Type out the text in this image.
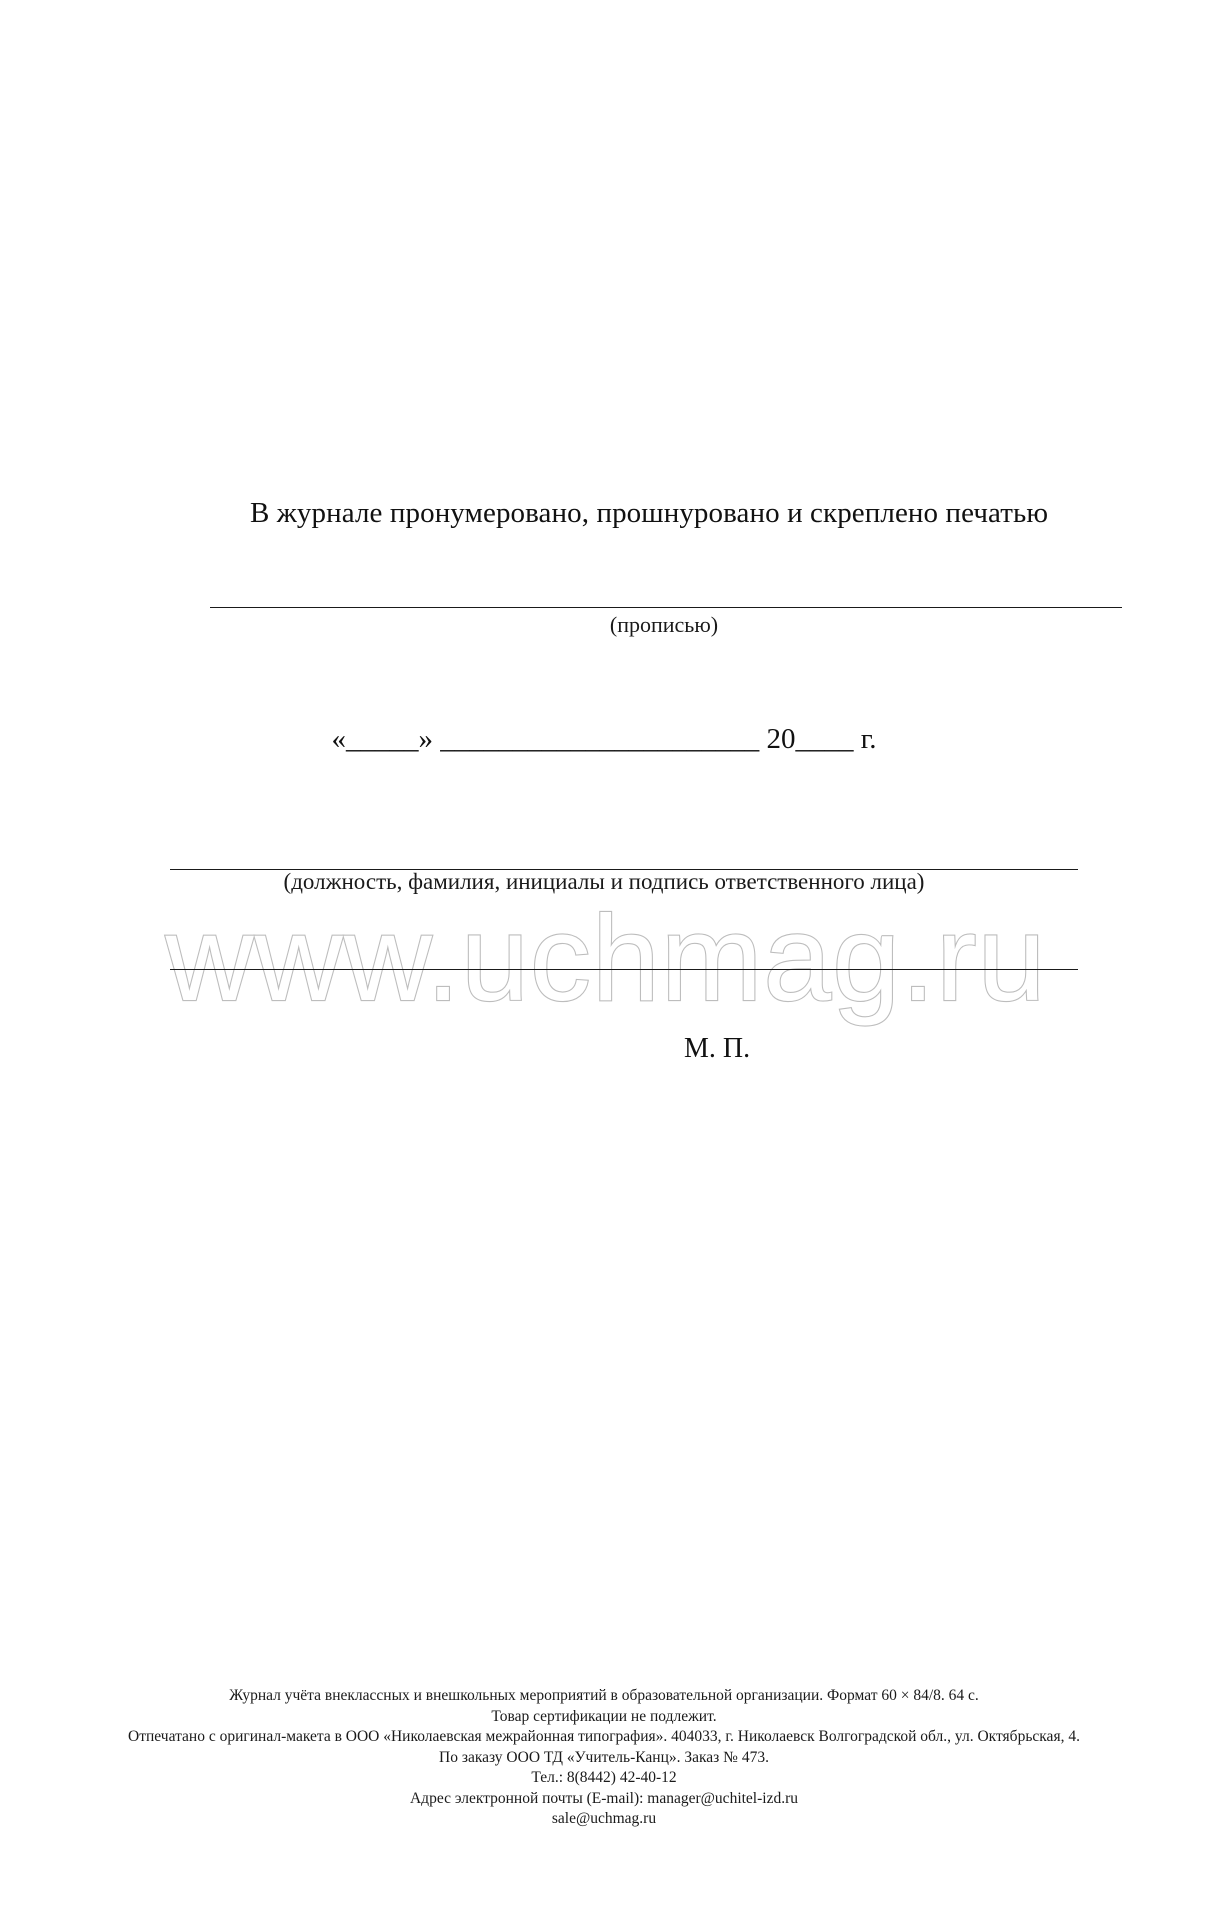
В журнале пронумеровано, прошнуровано и скреплено печатью
(прописью)
«_____» ______________________ 20____ г.
(должность, фамилия, инициалы и подпись ответственного лица)
www.uchmag.ru
М. П.
Журнал учёта внеклассных и внешкольных мероприятий в образовательной организации. Формат 60 × 84/8. 64 с.
Товар сертификации не подлежит.
Отпечатано с оригинал-макета в ООО «Николаевская межрайонная типография». 404033, г. Николаевск Волгоградской обл., ул. Октябрьская, 4.
По заказу ООО ТД «Учитель-Канц». Заказ № 473.
Тел.: 8(8442) 42-40-12
Адрес электронной почты (E-mail): manager@uchitel-izd.ru
sale@uchmag.ru
